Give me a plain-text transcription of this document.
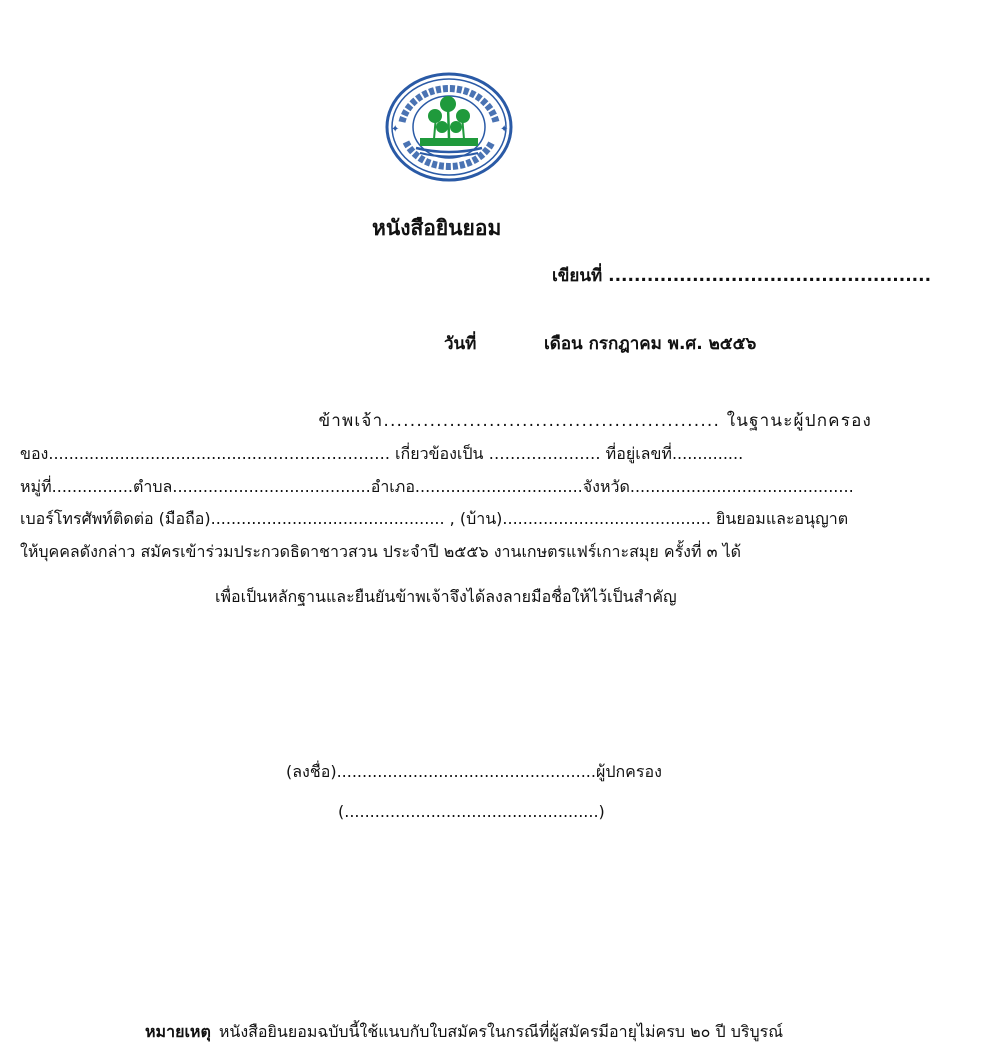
✦	✦
หนังสือยินยอม
เขียนที่ ..................................................
วันที่	เดือน กรกฎาคม พ.ศ. ๒๕๕๖
ข้าพเจ้า................................................... ในฐานะผู้ปกครอง
ของ.........................................……………………. เกี่ยวข้องเป็น ………………… ที่อยู่เลขที่..............
หมู่ที่................ตำบล.......................................อำเภอ.................................จังหวัด............................................
เบอร์โทรศัพท์ติดต่อ (มือถือ).............................................. , (บ้าน)......................................... ยินยอมและอนุญาต
ให้บุคคลดังกล่าว สมัครเข้าร่วมประกวดธิดาชาวสวน ประจำปี ๒๕๕๖ งานเกษตรแฟร์เกาะสมุย ครั้งที่ ๓ ได้
เพื่อเป็นหลักฐานและยืนยันข้าพเจ้าจึงได้ลงลายมือชื่อให้ไว้เป็นสำคัญ
(ลงชื่อ)...................................................ผู้ปกครอง
(..................................................)
หมายเหตุ หนังสือยินยอมฉบับนี้ใช้แนบกับใบสมัครในกรณีที่ผู้สมัครมีอายุไม่ครบ ๒๐ ปี บริบูรณ์
